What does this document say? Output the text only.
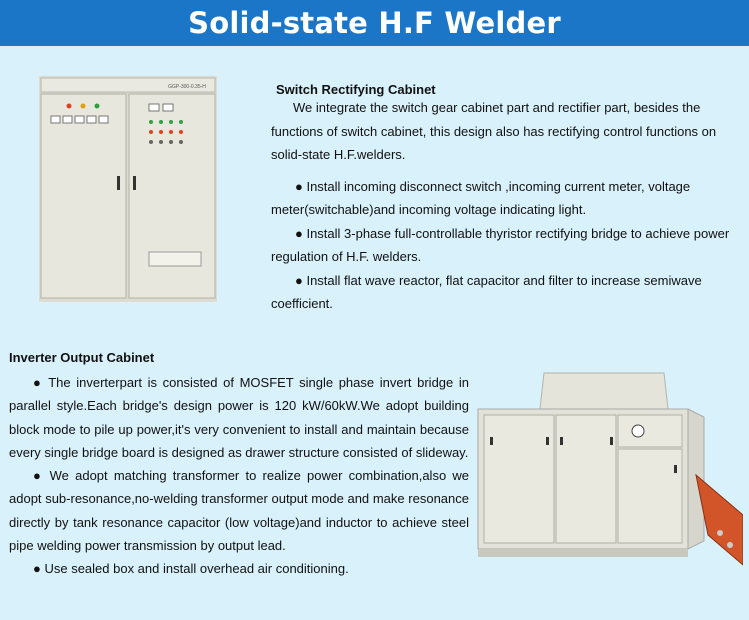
Solid-state H.F Welder
GGP-300-0.35-H	Switch Rectifying Cabinet

We integrate the switch gear cabinet part and rectifier part, besides the functions of switch cabinet, this design also has rectifying control functions on solid-state H.F.welders.

● Install incoming disconnect switch ,incoming current meter, voltage meter(switchable)and incoming voltage indicating light.

● Install 3-phase full-controllable thyristor rectifying bridge to achieve power regulation of H.F. welders.

● Install flat wave reactor, flat capacitor and filter to increase semiwave coefficient.

Inverter Output Cabinet

● The inverterpart is consisted of MOSFET single phase invert bridge in parallel style.Each bridge's design power is 120 kW/60kW.We adopt building block mode to pile up power,it's very convenient to install and maintain because every single bridge board is designed as drawer structure consisted of slideway.

● We adopt matching transformer to realize power combination,also we adopt sub-resonance,no-welding transformer output mode and make resonance directly by tank resonance capacitor (low voltage)and inductor to achieve steel pipe welding power transmission by output lead.

● Use sealed box and install overhead air conditioning.
